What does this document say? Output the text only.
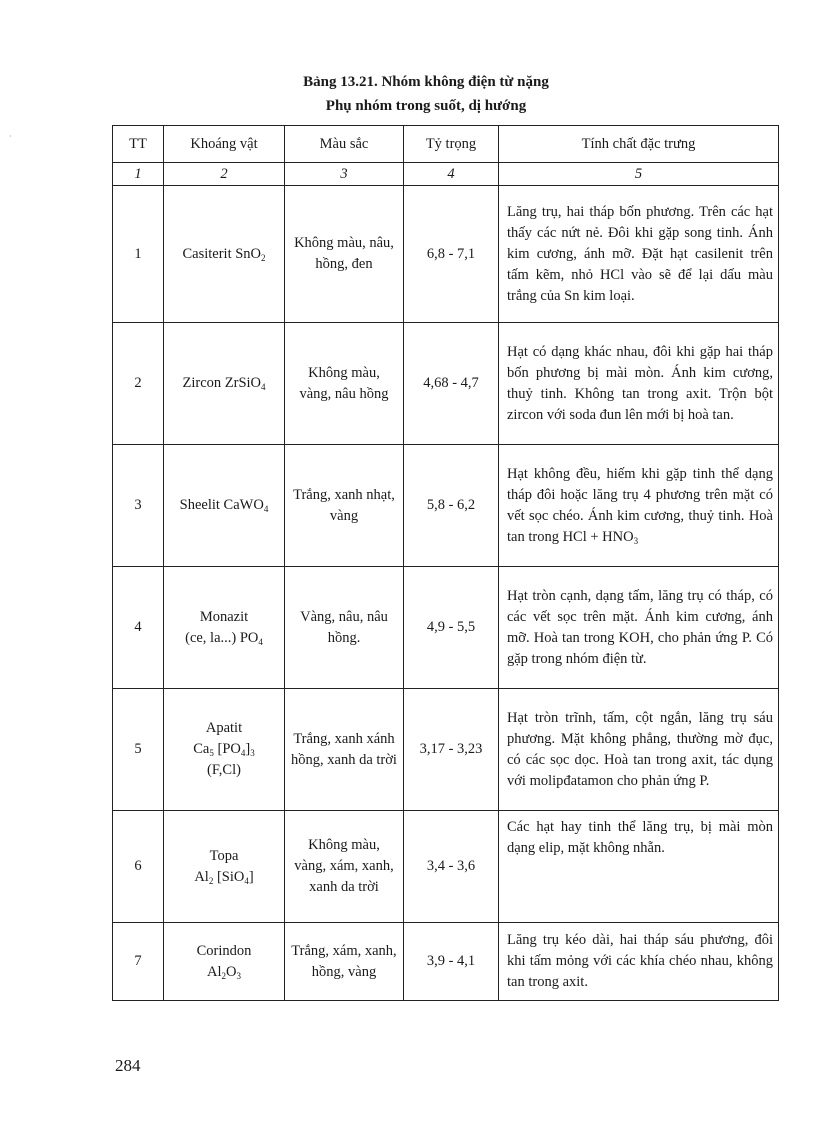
Bảng 13.21. Nhóm không điện từ nặng
Phụ nhóm trong suốt, dị hướng
·	TT	Khoáng vật	Màu sắc	Tỷ trọng	Tính chất đặc trưng
1	2	3	4	5
1	Casiterit SnO$_2$	Không màu, nâu, hồng, đen	6,8 - 7,1	Lăng trụ, hai tháp bốn phương. Trên các hạt thấy các nứt nẻ. Đôi khi gặp song tinh. Ánh kim cương, ánh mỡ. Đặt hạt casilenit trên tấm kẽm, nhỏ HCl vào sẽ để lại dấu màu trắng của Sn kim loại.
2	Zircon ZrSiO$_4$	Không màu, vàng, nâu hồng	4,68 - 4,7	Hạt có dạng khác nhau, đôi khi gặp hai tháp bốn phương bị mài mòn. Ánh kim cương, thuỷ tinh. Không tan trong axit. Trộn bột zircon với soda đun lên mới bị hoà tan.
3	Sheelit CaWO$_4$	Trắng, xanh nhạt, vàng	5,8 - 6,2	Hạt không đều, hiếm khi gặp tinh thể dạng tháp đôi hoặc lăng trụ 4 phương trên mặt có vết sọc chéo. Ánh kim cương, thuỷ tinh. Hoà tan trong HCl + $HNO_3$
4	Monazit
(ce, la...) $PO_4$	Vàng, nâu, nâu hồng.	4,9 - 5,5	Hạt tròn cạnh, dạng tấm, lăng trụ có tháp, có các vết sọc trên mặt. Ánh kim cương, ánh mỡ. Hoà tan trong KOH, cho phản ứng P. Có gặp trong nhóm điện từ.
5	Apatit
$Ca_5$ $[PO_4]_3$
(F,Cl)	Trắng, xanh xánh hồng, xanh da trời	3,17 - 3,23	Hạt tròn trĩnh, tấm, cột ngắn, lăng trụ sáu phương. Mặt không phẳng, thường mờ đục, có các sọc dọc. Hoà tan trong axit, tác dụng với molipđatamon cho phản ứng P.
6	Topa
$Al_2$ [SiO$_4$]	Không màu, vàng, xám, xanh, xanh da trời	3,4 - 3,6	Các hạt hay tinh thể lăng trụ, bị mài mòn dạng elip, mặt không nhẵn.
7	Corindon
$Al_2O_3$	Trắng, xám, xanh, hồng, vàng	3,9 - 4,1	Lăng trụ kéo dài, hai tháp sáu phương, đôi khi tấm mỏng với các khía chéo nhau, không tan trong axit.
284
